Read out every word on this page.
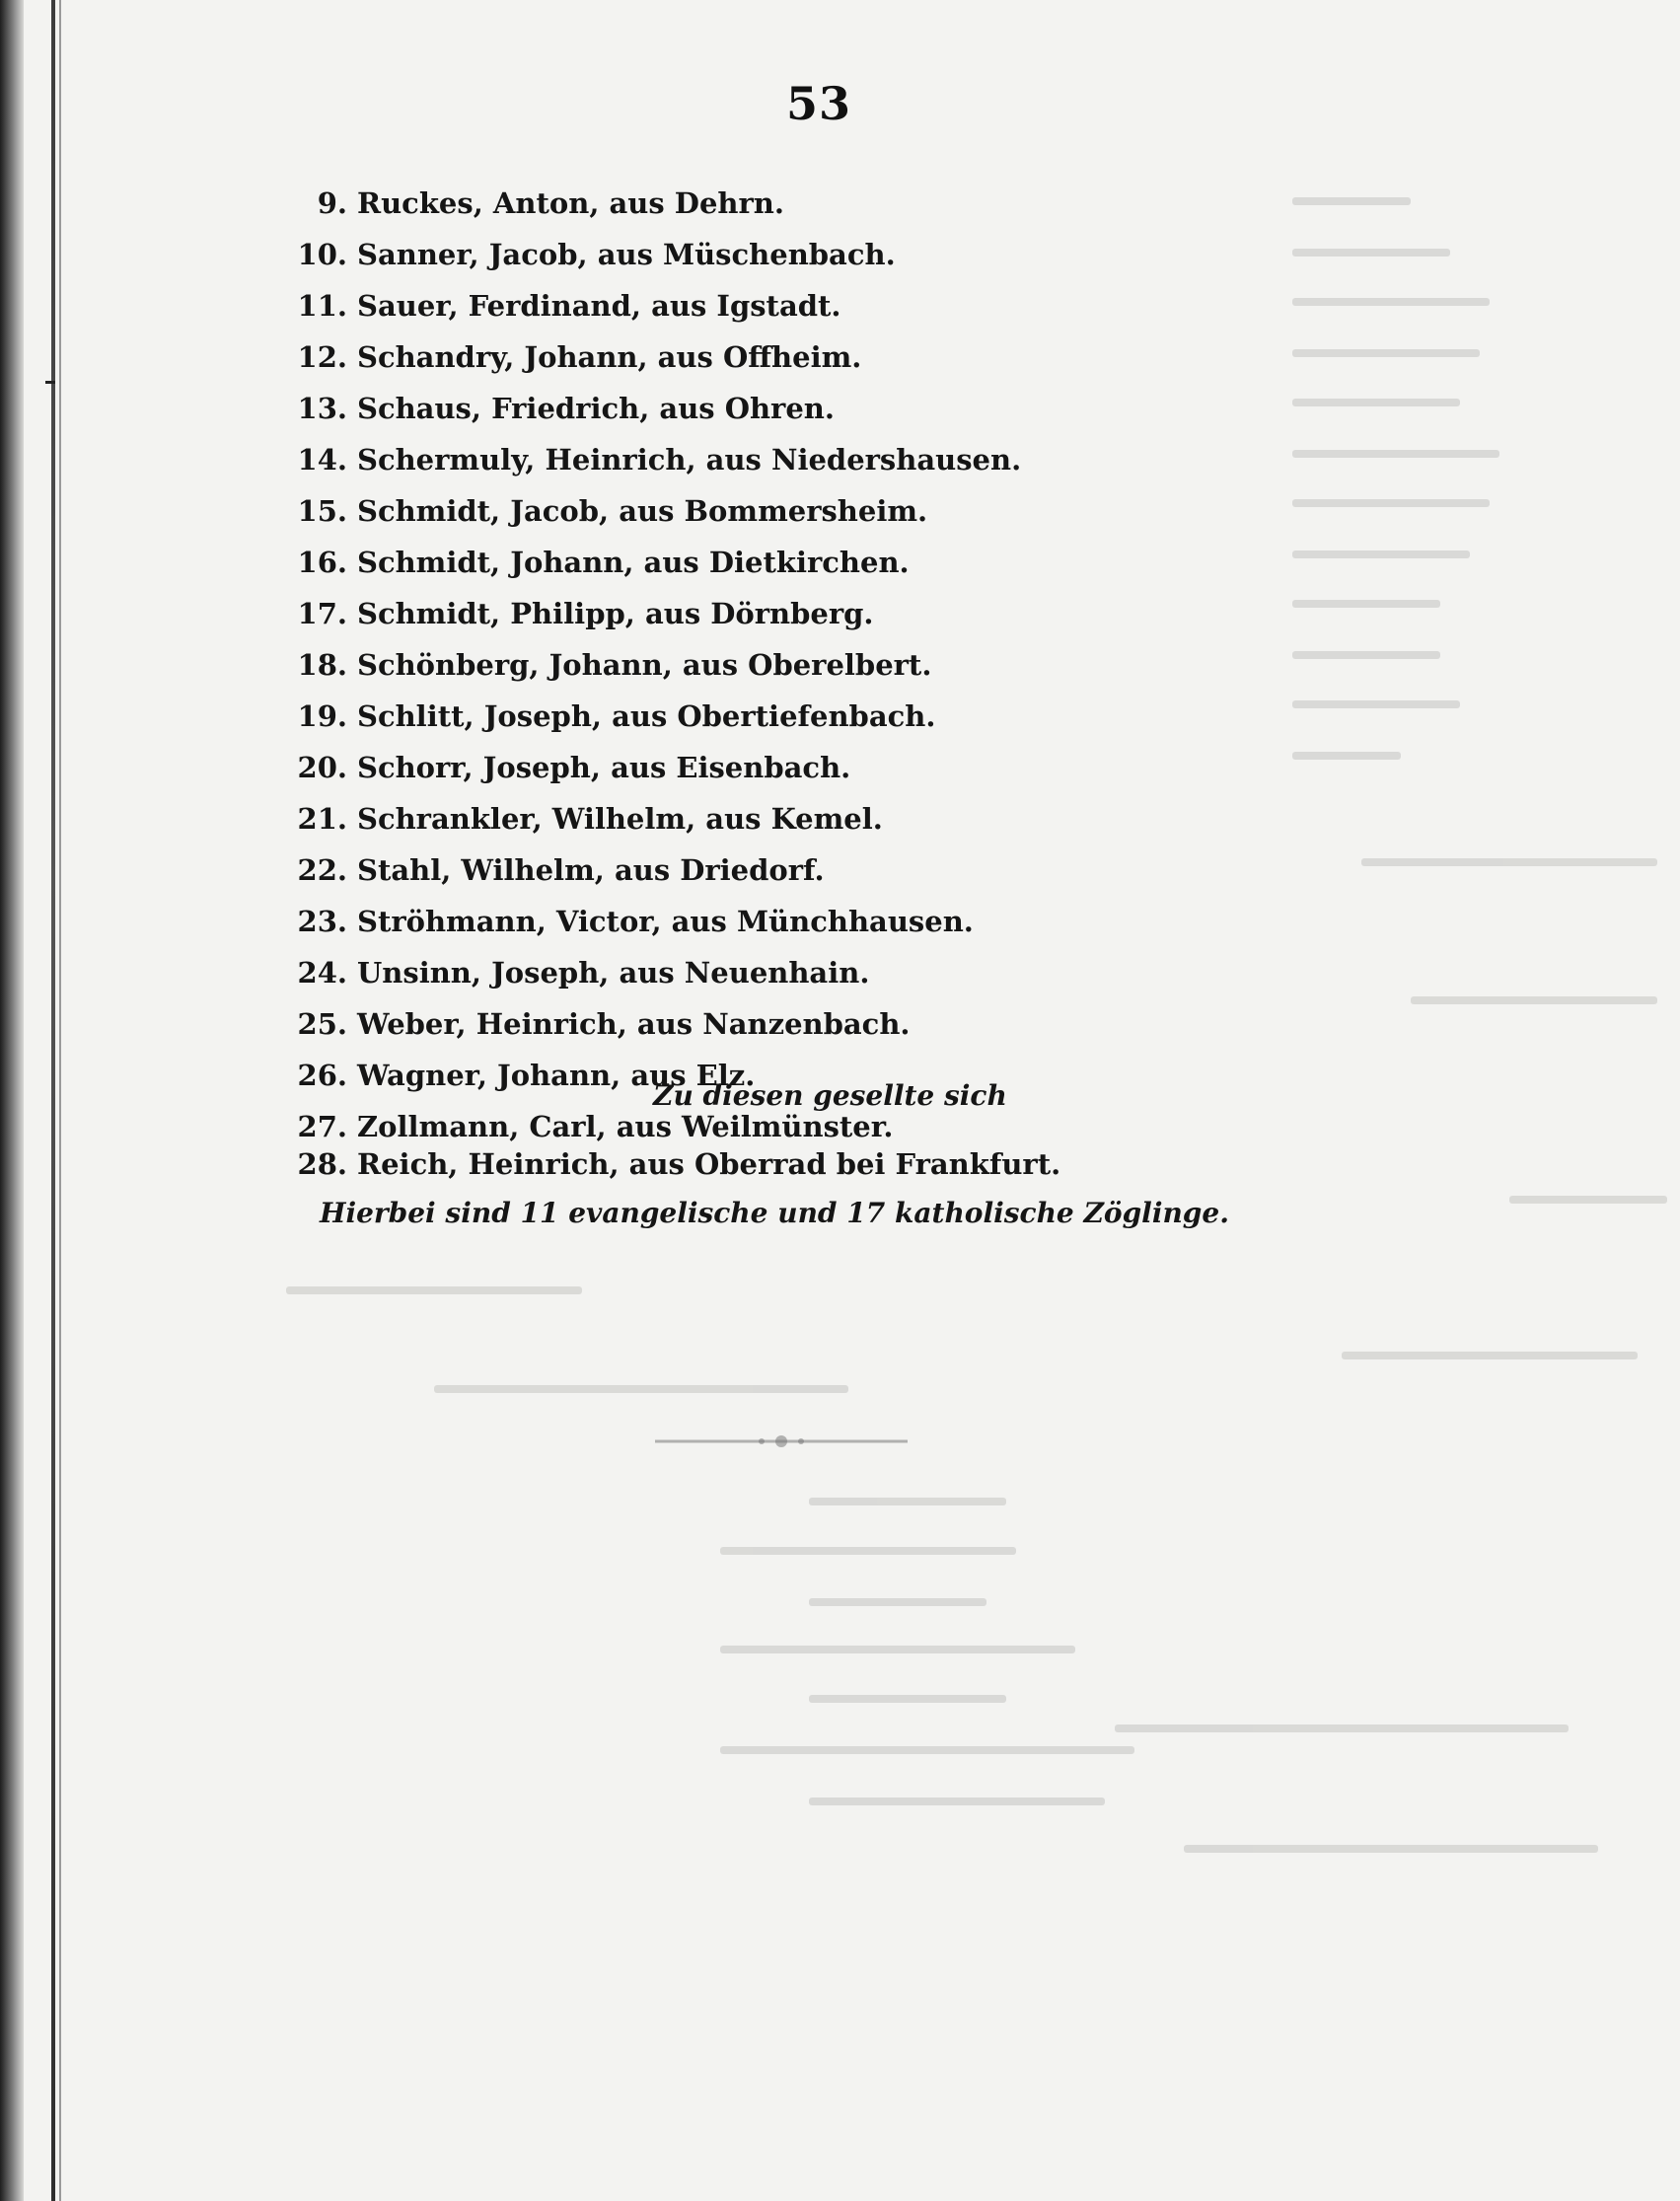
53
9. Ruckes, Anton, aus Dehrn.
10. Sanner, Jacob, aus Müschenbach.
11. Sauer, Ferdinand, aus Igstadt.
12. Schandry, Johann, aus Offheim.
13. Schaus, Friedrich, aus Ohren.
14. Schermuly, Heinrich, aus Niedershausen.
15. Schmidt, Jacob, aus Bommersheim.
16. Schmidt, Johann, aus Dietkirchen.
17. Schmidt, Philipp, aus Dörnberg.
18. Schönberg, Johann, aus Oberelbert.
19. Schlitt, Joseph, aus Obertiefenbach.
20. Schorr, Joseph, aus Eisenbach.
21. Schrankler, Wilhelm, aus Kemel.
22. Stahl, Wilhelm, aus Driedorf.
23. Ströhmann, Victor, aus Münchhausen.
24. Unsinn, Joseph, aus Neuenhain.
25. Weber, Heinrich, aus Nanzenbach.
26. Wagner, Johann, aus Elz.
27. Zollmann, Carl, aus Weilmünster.
Zu diesen gesellte sich
28. Reich, Heinrich, aus Oberrad bei Frankfurt.
Hierbei sind 11 evangelische und 17 katholische Zöglinge.
